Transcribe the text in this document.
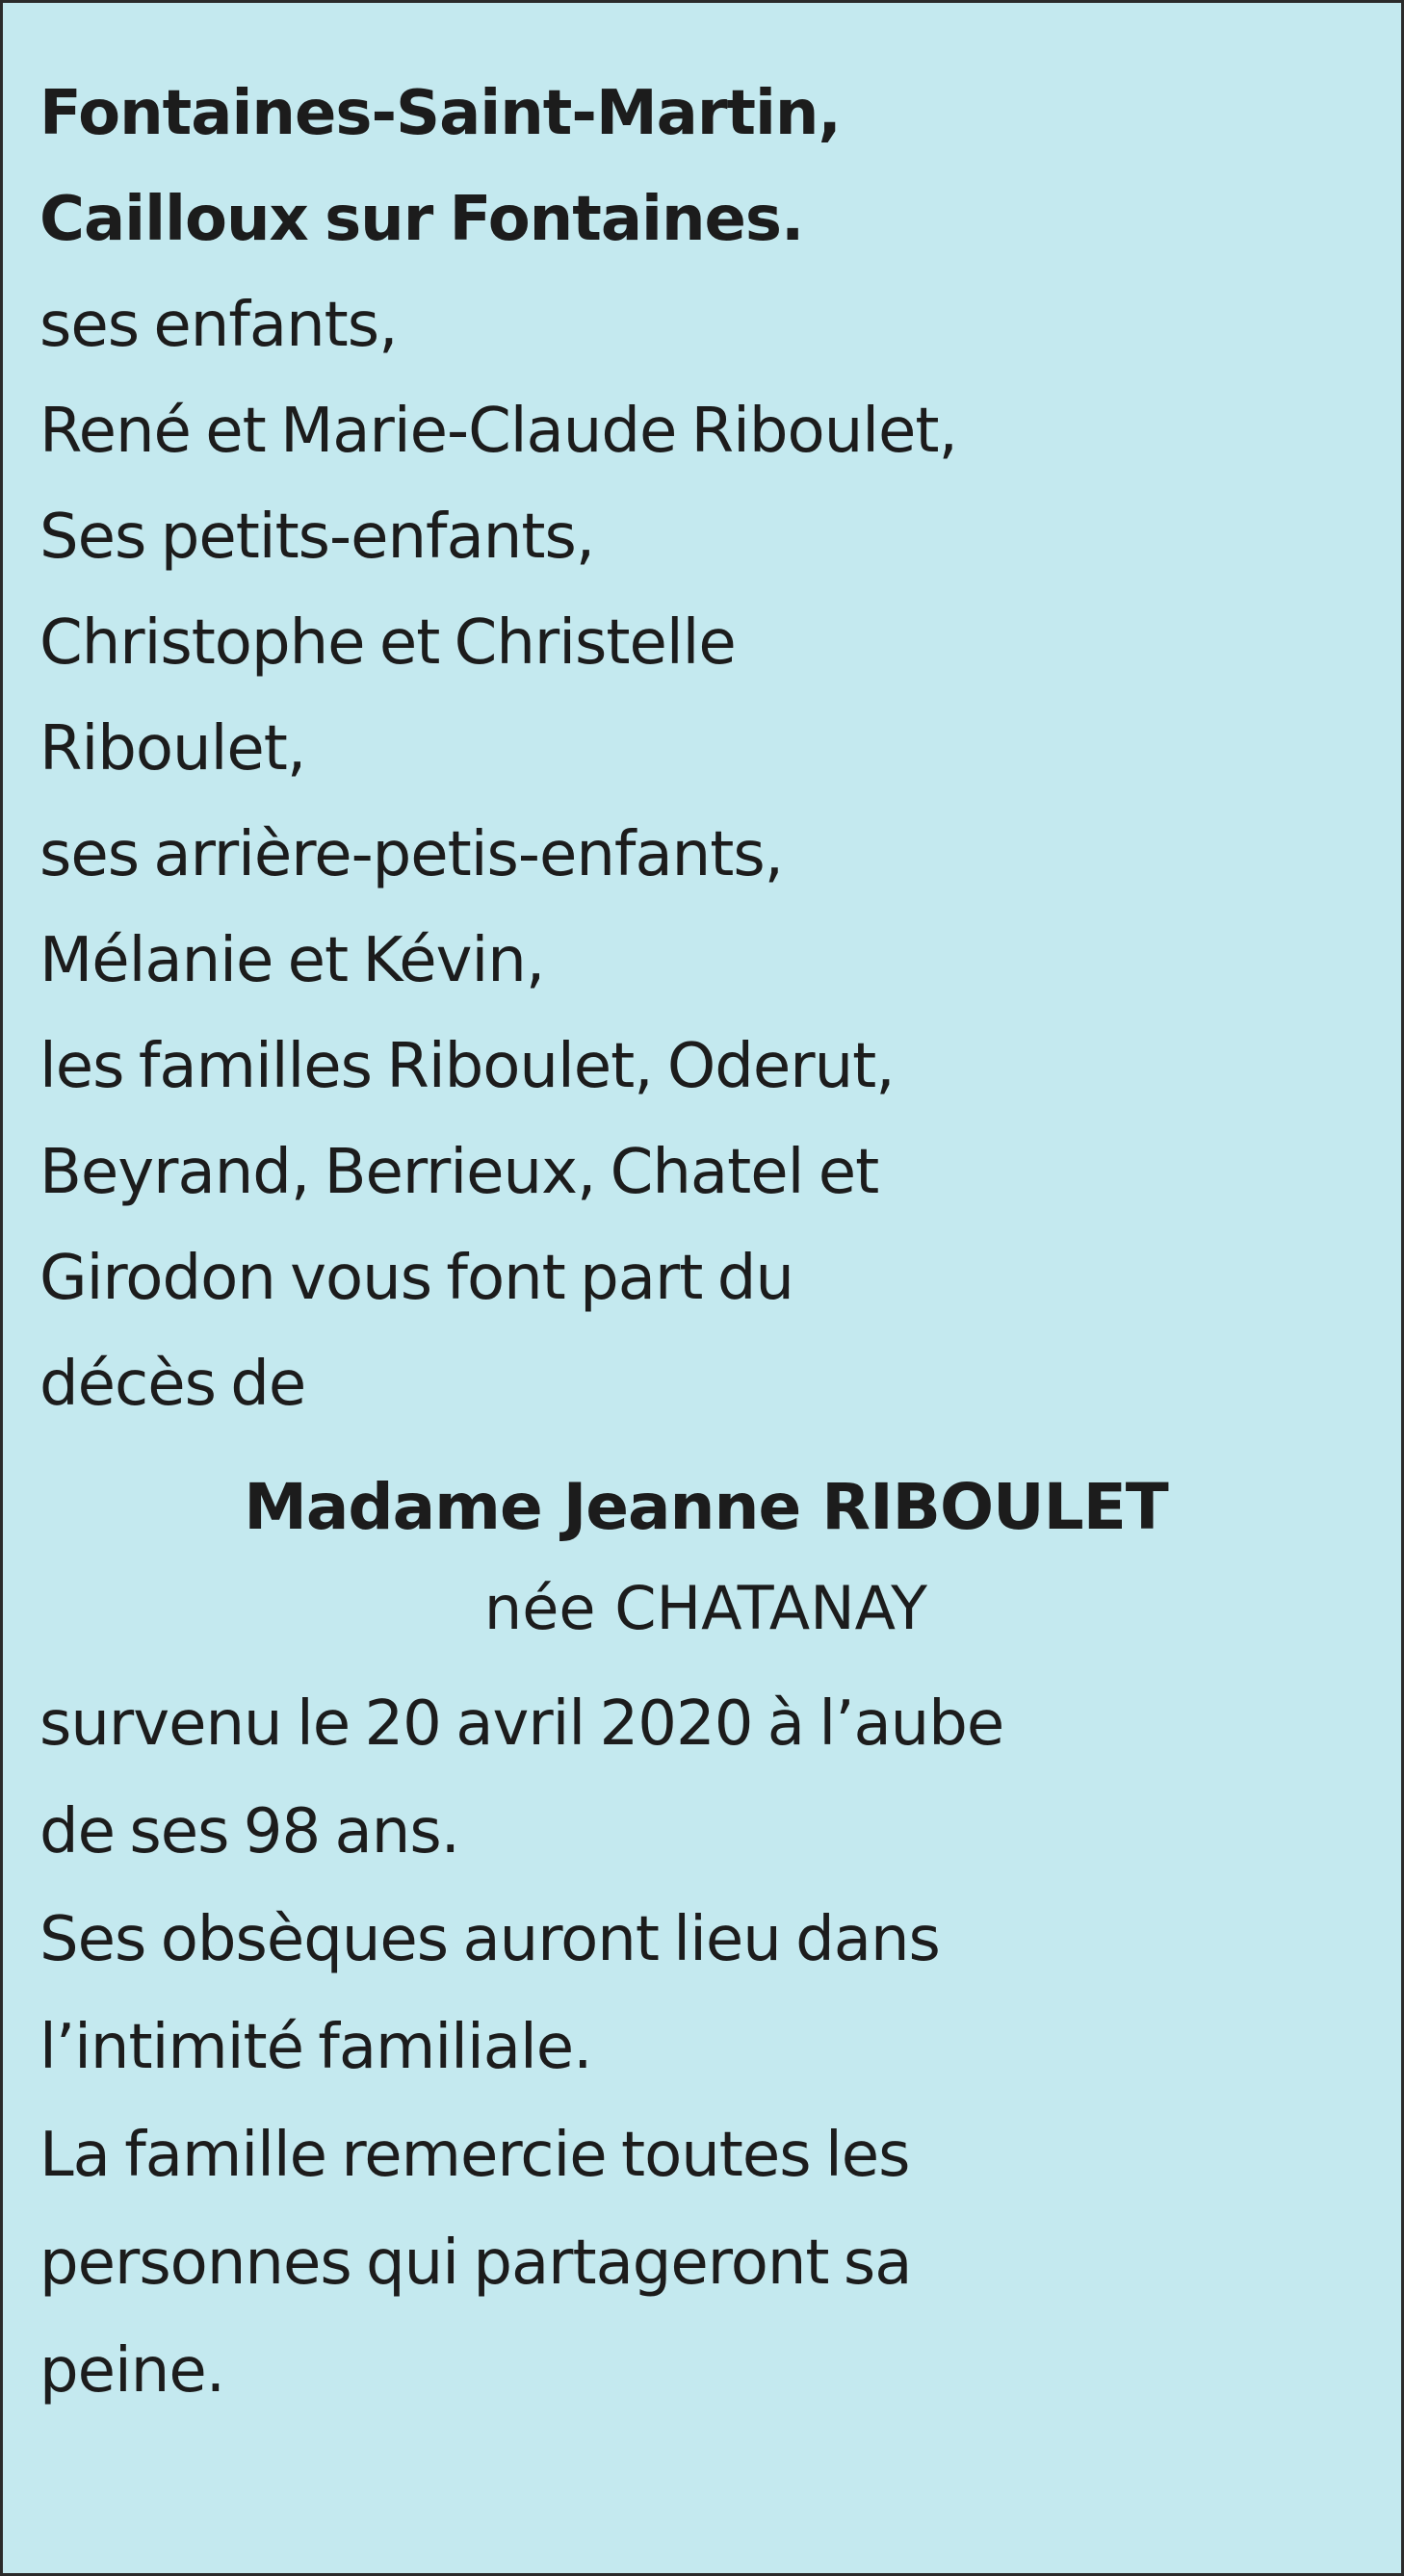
Fontaines-Saint-Martin,
Cailloux sur Fontaines.
ses enfants,
René et Marie-Claude Riboulet,
Ses petits-enfants,
Christophe et Christelle
Riboulet,
ses arrière-petis-enfants,
Mélanie et Kévin,
les familles Riboulet, Oderut,
Beyrand, Berrieux, Chatel et
Girodon vous font part du
décès de
Madame Jeanne RIBOULET
née CHATANAY
survenu le 20 avril 2020 à l’aube
de ses 98 ans.
Ses obsèques auront lieu dans
l’intimité familiale.
La famille remercie toutes les
personnes qui partageront sa
peine.
